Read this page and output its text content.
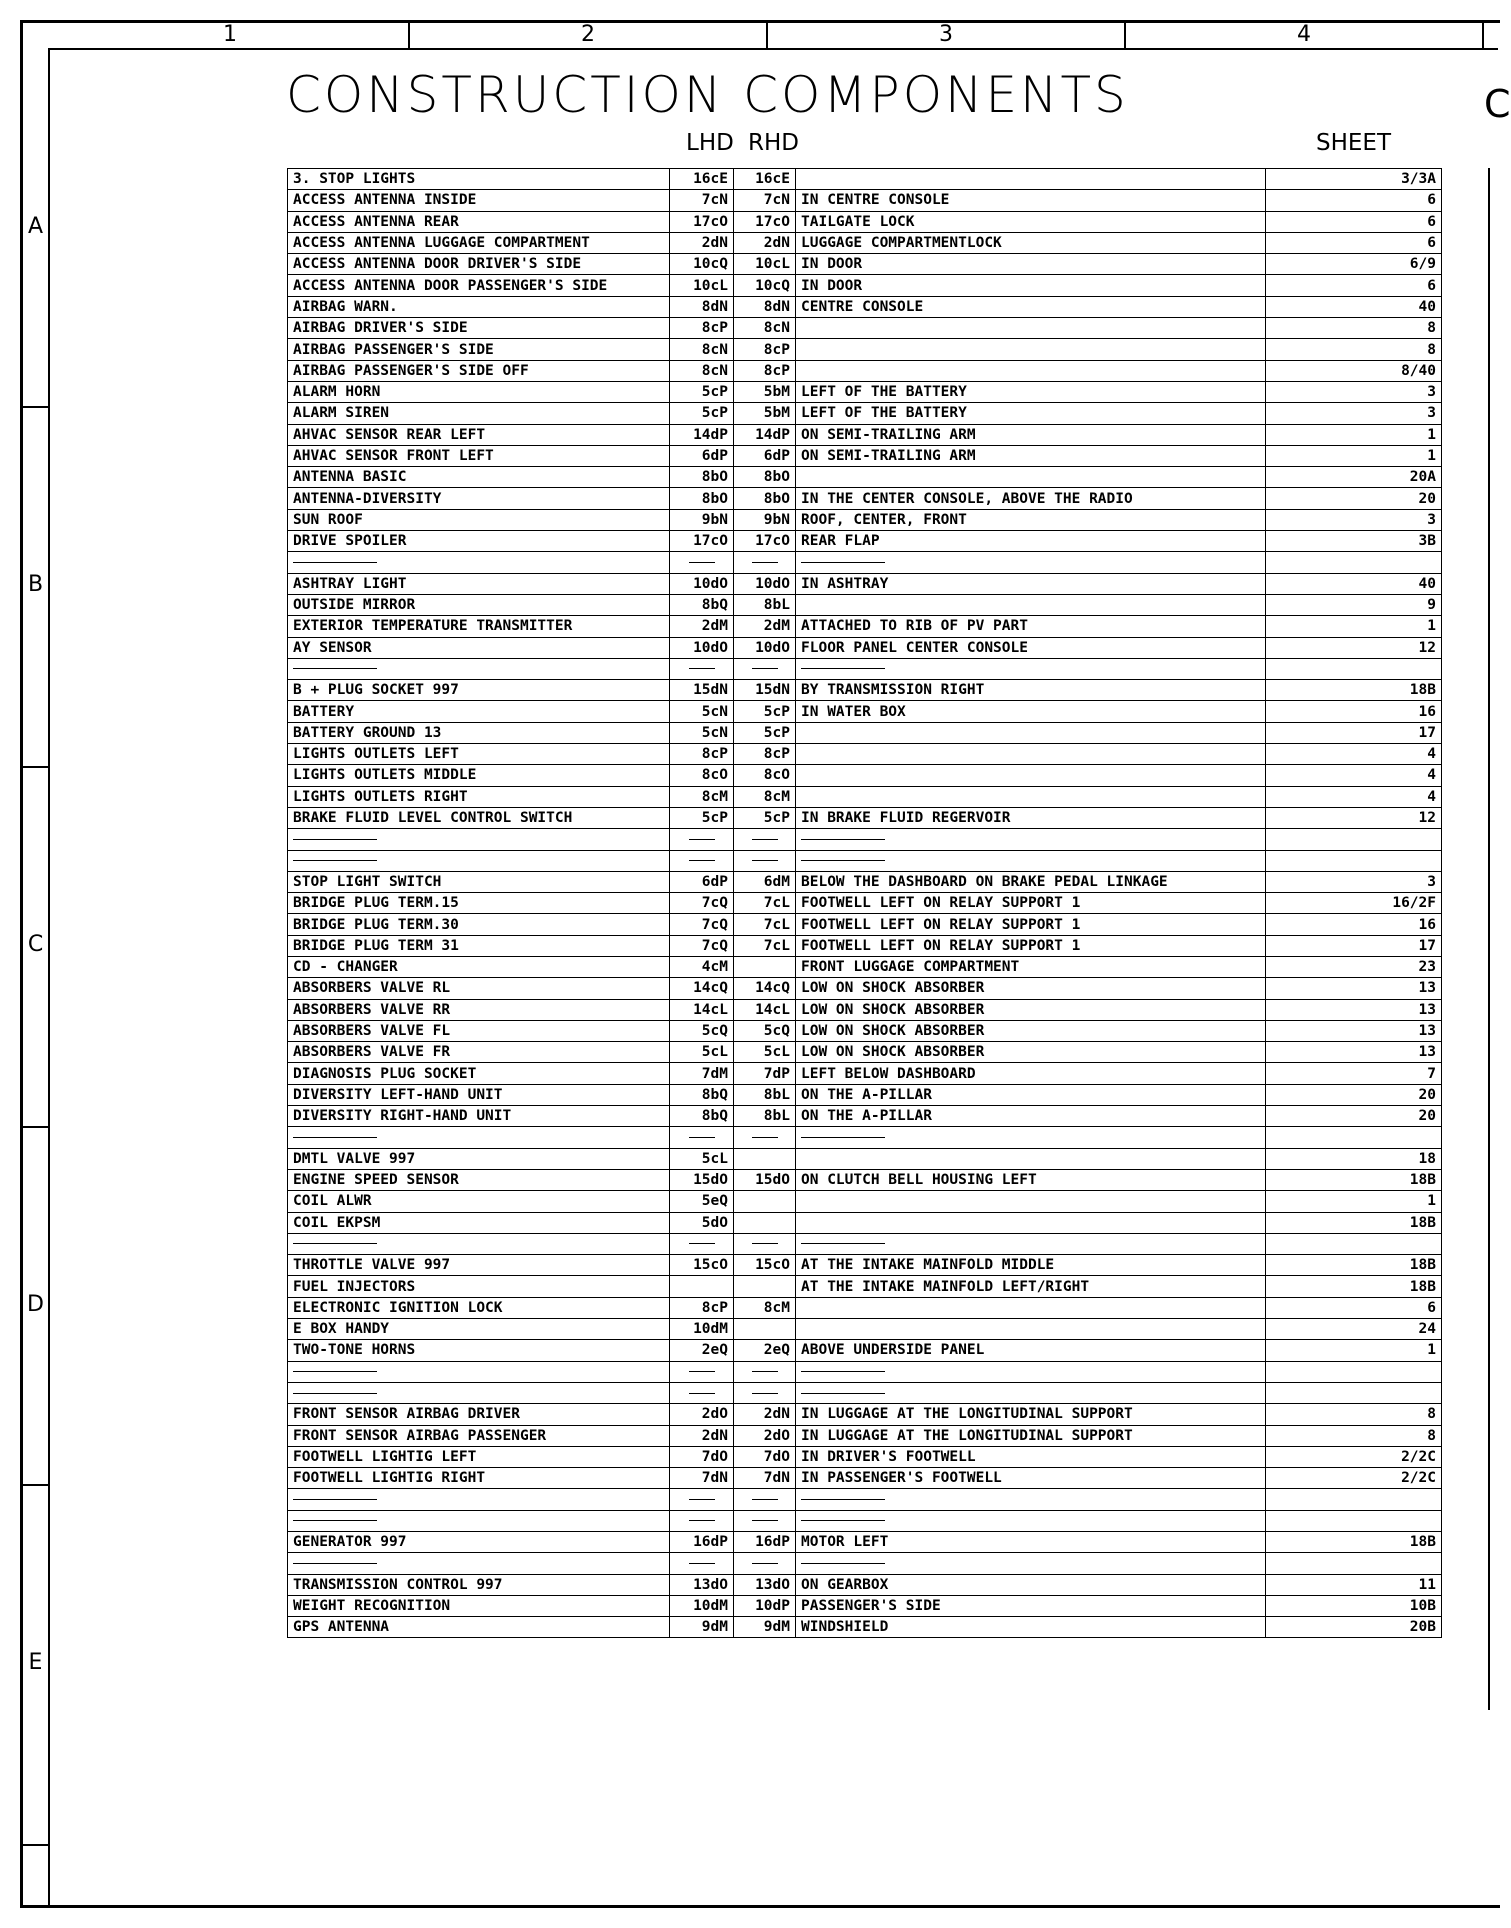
1	2	3	4
A
B
C
D
E
CONSTRUCTION COMPONENTS	C
LHD RHD	SHEET
3. STOP LIGHTS	16cE	16cE		3/3A
ACCESS ANTENNA INSIDE	7cN	7cN	IN CENTRE CONSOLE	6
ACCESS ANTENNA REAR	17cO	17cO	TAILGATE LOCK	6
ACCESS ANTENNA LUGGAGE COMPARTMENT	2dN	2dN	LUGGAGE COMPARTMENTLOCK	6
ACCESS ANTENNA DOOR DRIVER'S SIDE	10cQ	10cL	IN DOOR	6/9
ACCESS ANTENNA DOOR PASSENGER'S SIDE	10cL	10cQ	IN DOOR	6
AIRBAG WARN.	8dN	8dN	CENTRE CONSOLE	40
AIRBAG DRIVER'S SIDE	8cP	8cN		8
AIRBAG PASSENGER'S SIDE	8cN	8cP		8
AIRBAG PASSENGER'S SIDE OFF	8cN	8cP		8/40
ALARM HORN	5cP	5bM	LEFT OF THE BATTERY	3
ALARM SIREN	5cP	5bM	LEFT OF THE BATTERY	3
AHVAC SENSOR REAR LEFT	14dP	14dP	ON SEMI-TRAILING ARM	1
AHVAC SENSOR FRONT LEFT	6dP	6dP	ON SEMI-TRAILING ARM	1
ANTENNA BASIC	8bO	8bO		20A
ANTENNA-DIVERSITY	8bO	8bO	IN THE CENTER CONSOLE, ABOVE THE RADIO	20
SUN ROOF	9bN	9bN	ROOF, CENTER, FRONT	3
DRIVE SPOILER	17cO	17cO	REAR FLAP	3B

ASHTRAY LIGHT	10dO	10dO	IN ASHTRAY	40
OUTSIDE MIRROR	8bQ	8bL		9
EXTERIOR TEMPERATURE TRANSMITTER	2dM	2dM	ATTACHED TO RIB OF PV PART	1
AY SENSOR	10dO	10dO	FLOOR PANEL CENTER CONSOLE	12

B + PLUG SOCKET 997	15dN	15dN	BY TRANSMISSION RIGHT	18B
BATTERY	5cN	5cP	IN WATER BOX	16
BATTERY GROUND 13	5cN	5cP		17
LIGHTS OUTLETS LEFT	8cP	8cP		4
LIGHTS OUTLETS MIDDLE	8cO	8cO		4
LIGHTS OUTLETS RIGHT	8cM	8cM		4
BRAKE FLUID LEVEL CONTROL SWITCH	5cP	5cP	IN BRAKE FLUID REGERVOIR	12

STOP LIGHT SWITCH	6dP	6dM	BELOW THE DASHBOARD ON BRAKE PEDAL LINKAGE	3
BRIDGE PLUG TERM.15	7cQ	7cL	FOOTWELL LEFT ON RELAY SUPPORT 1	16/2F
BRIDGE PLUG TERM.30	7cQ	7cL	FOOTWELL LEFT ON RELAY SUPPORT 1	16
BRIDGE PLUG TERM 31	7cQ	7cL	FOOTWELL LEFT ON RELAY SUPPORT 1	17
CD - CHANGER	4cM		FRONT LUGGAGE COMPARTMENT	23
ABSORBERS VALVE RL	14cQ	14cQ	LOW ON SHOCK ABSORBER	13
ABSORBERS VALVE RR	14cL	14cL	LOW ON SHOCK ABSORBER	13
ABSORBERS VALVE FL	5cQ	5cQ	LOW ON SHOCK ABSORBER	13
ABSORBERS VALVE FR	5cL	5cL	LOW ON SHOCK ABSORBER	13
DIAGNOSIS PLUG SOCKET	7dM	7dP	LEFT BELOW DASHBOARD	7
DIVERSITY LEFT-HAND UNIT	8bQ	8bL	ON THE A-PILLAR	20
DIVERSITY RIGHT-HAND UNIT	8bQ	8bL	ON THE A-PILLAR	20

DMTL VALVE 997	5cL			18
ENGINE SPEED SENSOR	15dO	15dO	ON CLUTCH BELL HOUSING LEFT	18B
COIL ALWR	5eQ			1
COIL EKPSM	5dO			18B

THROTTLE VALVE 997	15cO	15cO	AT THE INTAKE MAINFOLD MIDDLE	18B
FUEL INJECTORS			AT THE INTAKE MAINFOLD LEFT/RIGHT	18B
ELECTRONIC IGNITION LOCK	8cP	8cM		6
E BOX HANDY	10dM			24
TWO-TONE HORNS	2eQ	2eQ	ABOVE UNDERSIDE PANEL	1

FRONT SENSOR AIRBAG DRIVER	2dO	2dN	IN LUGGAGE AT THE LONGITUDINAL SUPPORT	8
FRONT SENSOR AIRBAG PASSENGER	2dN	2dO	IN LUGGAGE AT THE LONGITUDINAL SUPPORT	8
FOOTWELL LIGHTIG LEFT	7dO	7dO	IN DRIVER'S FOOTWELL	2/2C
FOOTWELL LIGHTIG RIGHT	7dN	7dN	IN PASSENGER'S FOOTWELL	2/2C

GENERATOR 997	16dP	16dP	MOTOR LEFT	18B

TRANSMISSION CONTROL 997	13dO	13dO	ON GEARBOX	11
WEIGHT RECOGNITION	10dM	10dP	PASSENGER'S SIDE	10B
GPS ANTENNA	9dM	9dM	WINDSHIELD	20B
